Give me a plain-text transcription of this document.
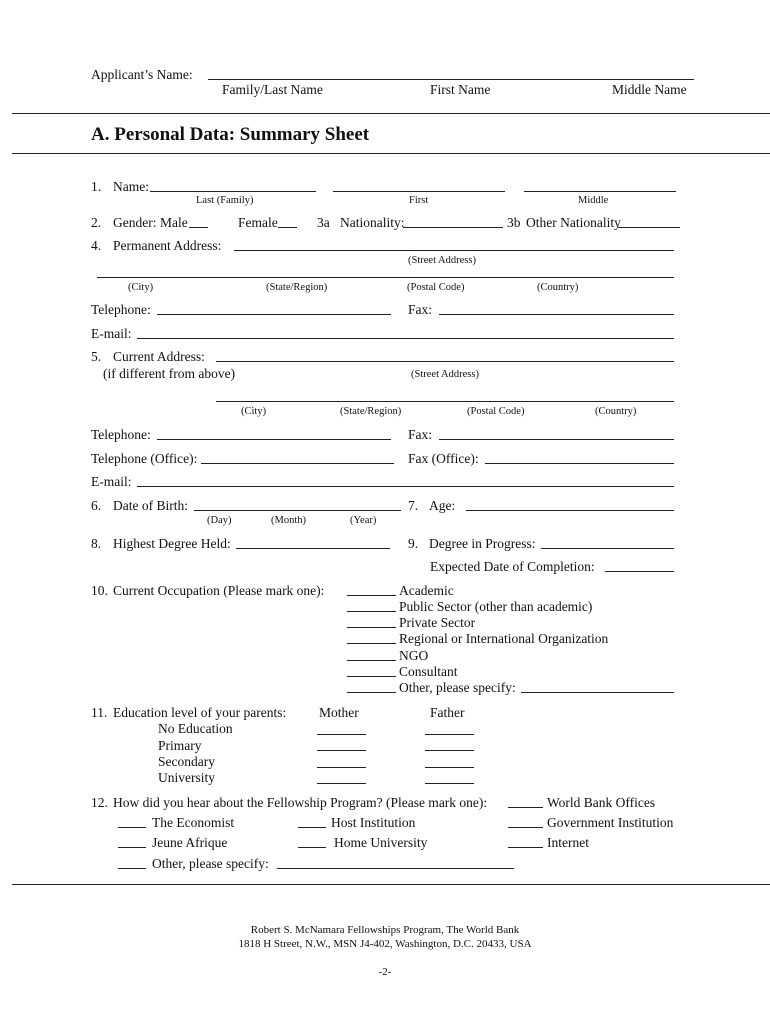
Applicant’s Name:
Family/Last Name	First Name	Middle Name
A. Personal Data: Summary Sheet
1. Name:
Last (Family)	First	Middle
2. Gender: Male	Female	3a Nationality:	3b Other Nationality
4. Permanent Address:
(Street Address)
(City)	(State/Region)	(Postal Code)	(Country)
Telephone:	Fax:
E-mail:
5. Current Address:
(if different from above)	(Street Address)
(City)	(State/Region)	(Postal Code)	(Country)
Telephone:	Fax:
Telephone (Office):	Fax (Office):
E-mail:
6. Date of Birth:
(Day)	(Month)	(Year)
7. Age:
8. Highest Degree Held:	9. Degree in Progress:
Expected Date of Completion:
10. Current Occupation (Please mark one):	Academic
Public Sector (other than academic)
Private Sector
Regional or International Organization
NGO
Consultant
Other, please specify:
11. Education level of your parents: Mother	Father
No Education
Primary
Secondary
University
12. How did you hear about the Fellowship Program? (Please mark one):	World Bank Offices
The Economist	Host Institution	Government Institution
Jeune Afrique	Home University	Internet
Other, please specify:
Robert S. McNamara Fellowships Program, The World Bank
1818 H Street, N.W., MSN J4-402, Washington, D.C. 20433, USA
-2-
